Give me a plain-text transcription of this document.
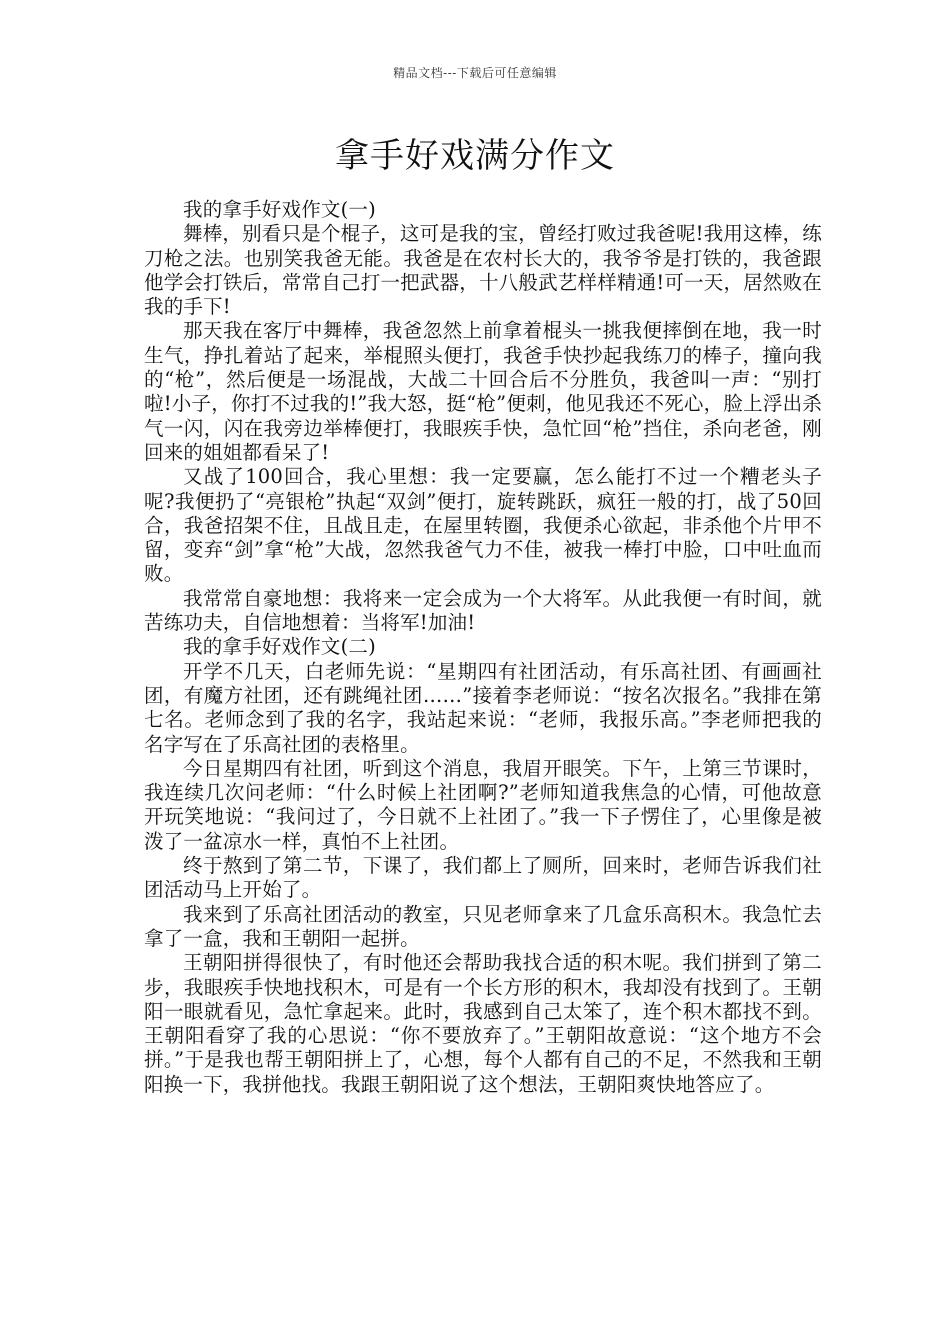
精品文档---下载后可任意编辑
拿手好戏满分作文

我的拿手好戏作文(一)

舞棒，别看只是个棍子，这可是我的宝，曾经打败过我爸呢!我用这棒，练刀枪之法。也别笑我爸无能。我爸是在农村长大的，我爷爷是打铁的，我爸跟他学会打铁后，常常自己打一把武器，十八般武艺样样精通!可一天，居然败在我的手下!

那天我在客厅中舞棒，我爸忽然上前拿着棍头一挑我便摔倒在地，我一时生气，挣扎着站了起来，举棍照头便打，我爸手快抄起我练刀的棒子，撞向我的“枪”，然后便是一场混战，大战二十回合后不分胜负，我爸叫一声：“别打啦!小子，你打不过我的!”我大怒，挺“枪”便刺，他见我还不死心，脸上浮出杀气一闪，闪在我旁边举棒便打，我眼疾手快，急忙回“枪”挡住，杀向老爸，刚回来的姐姐都看呆了!

又战了100回合，我心里想：我一定要赢，怎么能打不过一个糟老头子呢?我便扔了“亮银枪”执起“双剑”便打，旋转跳跃，疯狂一般的打，战了50回合，我爸招架不住，且战且走，在屋里转圈，我便杀心欲起，非杀他个片甲不留，变弃“剑”拿“枪”大战，忽然我爸气力不佳，被我一棒打中脸，口中吐血而败。

我常常自豪地想：我将来一定会成为一个大将军。从此我便一有时间，就苦练功夫，自信地想着：当将军!加油!

我的拿手好戏作文(二)

开学不几天，白老师先说：“星期四有社团活动，有乐高社团、有画画社团，有魔方社团，还有跳绳社团……”接着李老师说：“按名次报名。”我排在第七名。老师念到了我的名字，我站起来说：“老师，我报乐高。”李老师把我的名字写在了乐高社团的表格里。

今日星期四有社团，听到这个消息，我眉开眼笑。下午，上第三节课时，我连续几次问老师：“什么时候上社团啊?”老师知道我焦急的心情，可他故意开玩笑地说：“我问过了，今日就不上社团了。”我一下子愣住了，心里像是被泼了一盆凉水一样，真怕不上社团。

终于熬到了第二节，下课了，我们都上了厕所，回来时，老师告诉我们社团活动马上开始了。

我来到了乐高社团活动的教室，只见老师拿来了几盒乐高积木。我急忙去拿了一盒，我和王朝阳一起拼。

王朝阳拼得很快了，有时他还会帮助我找合适的积木呢。我们拼到了第二步，我眼疾手快地找积木，可是有一个长方形的积木，我却没有找到了。王朝阳一眼就看见，急忙拿起来。此时，我感到自己太笨了，连个积木都找不到。王朝阳看穿了我的心思说：“你不要放弃了。”王朝阳故意说：“这个地方不会拼。”于是我也帮王朝阳拼上了，心想，每个人都有自己的不足，不然我和王朝阳换一下，我拼他找。我跟王朝阳说了这个想法，王朝阳爽快地答应了。
